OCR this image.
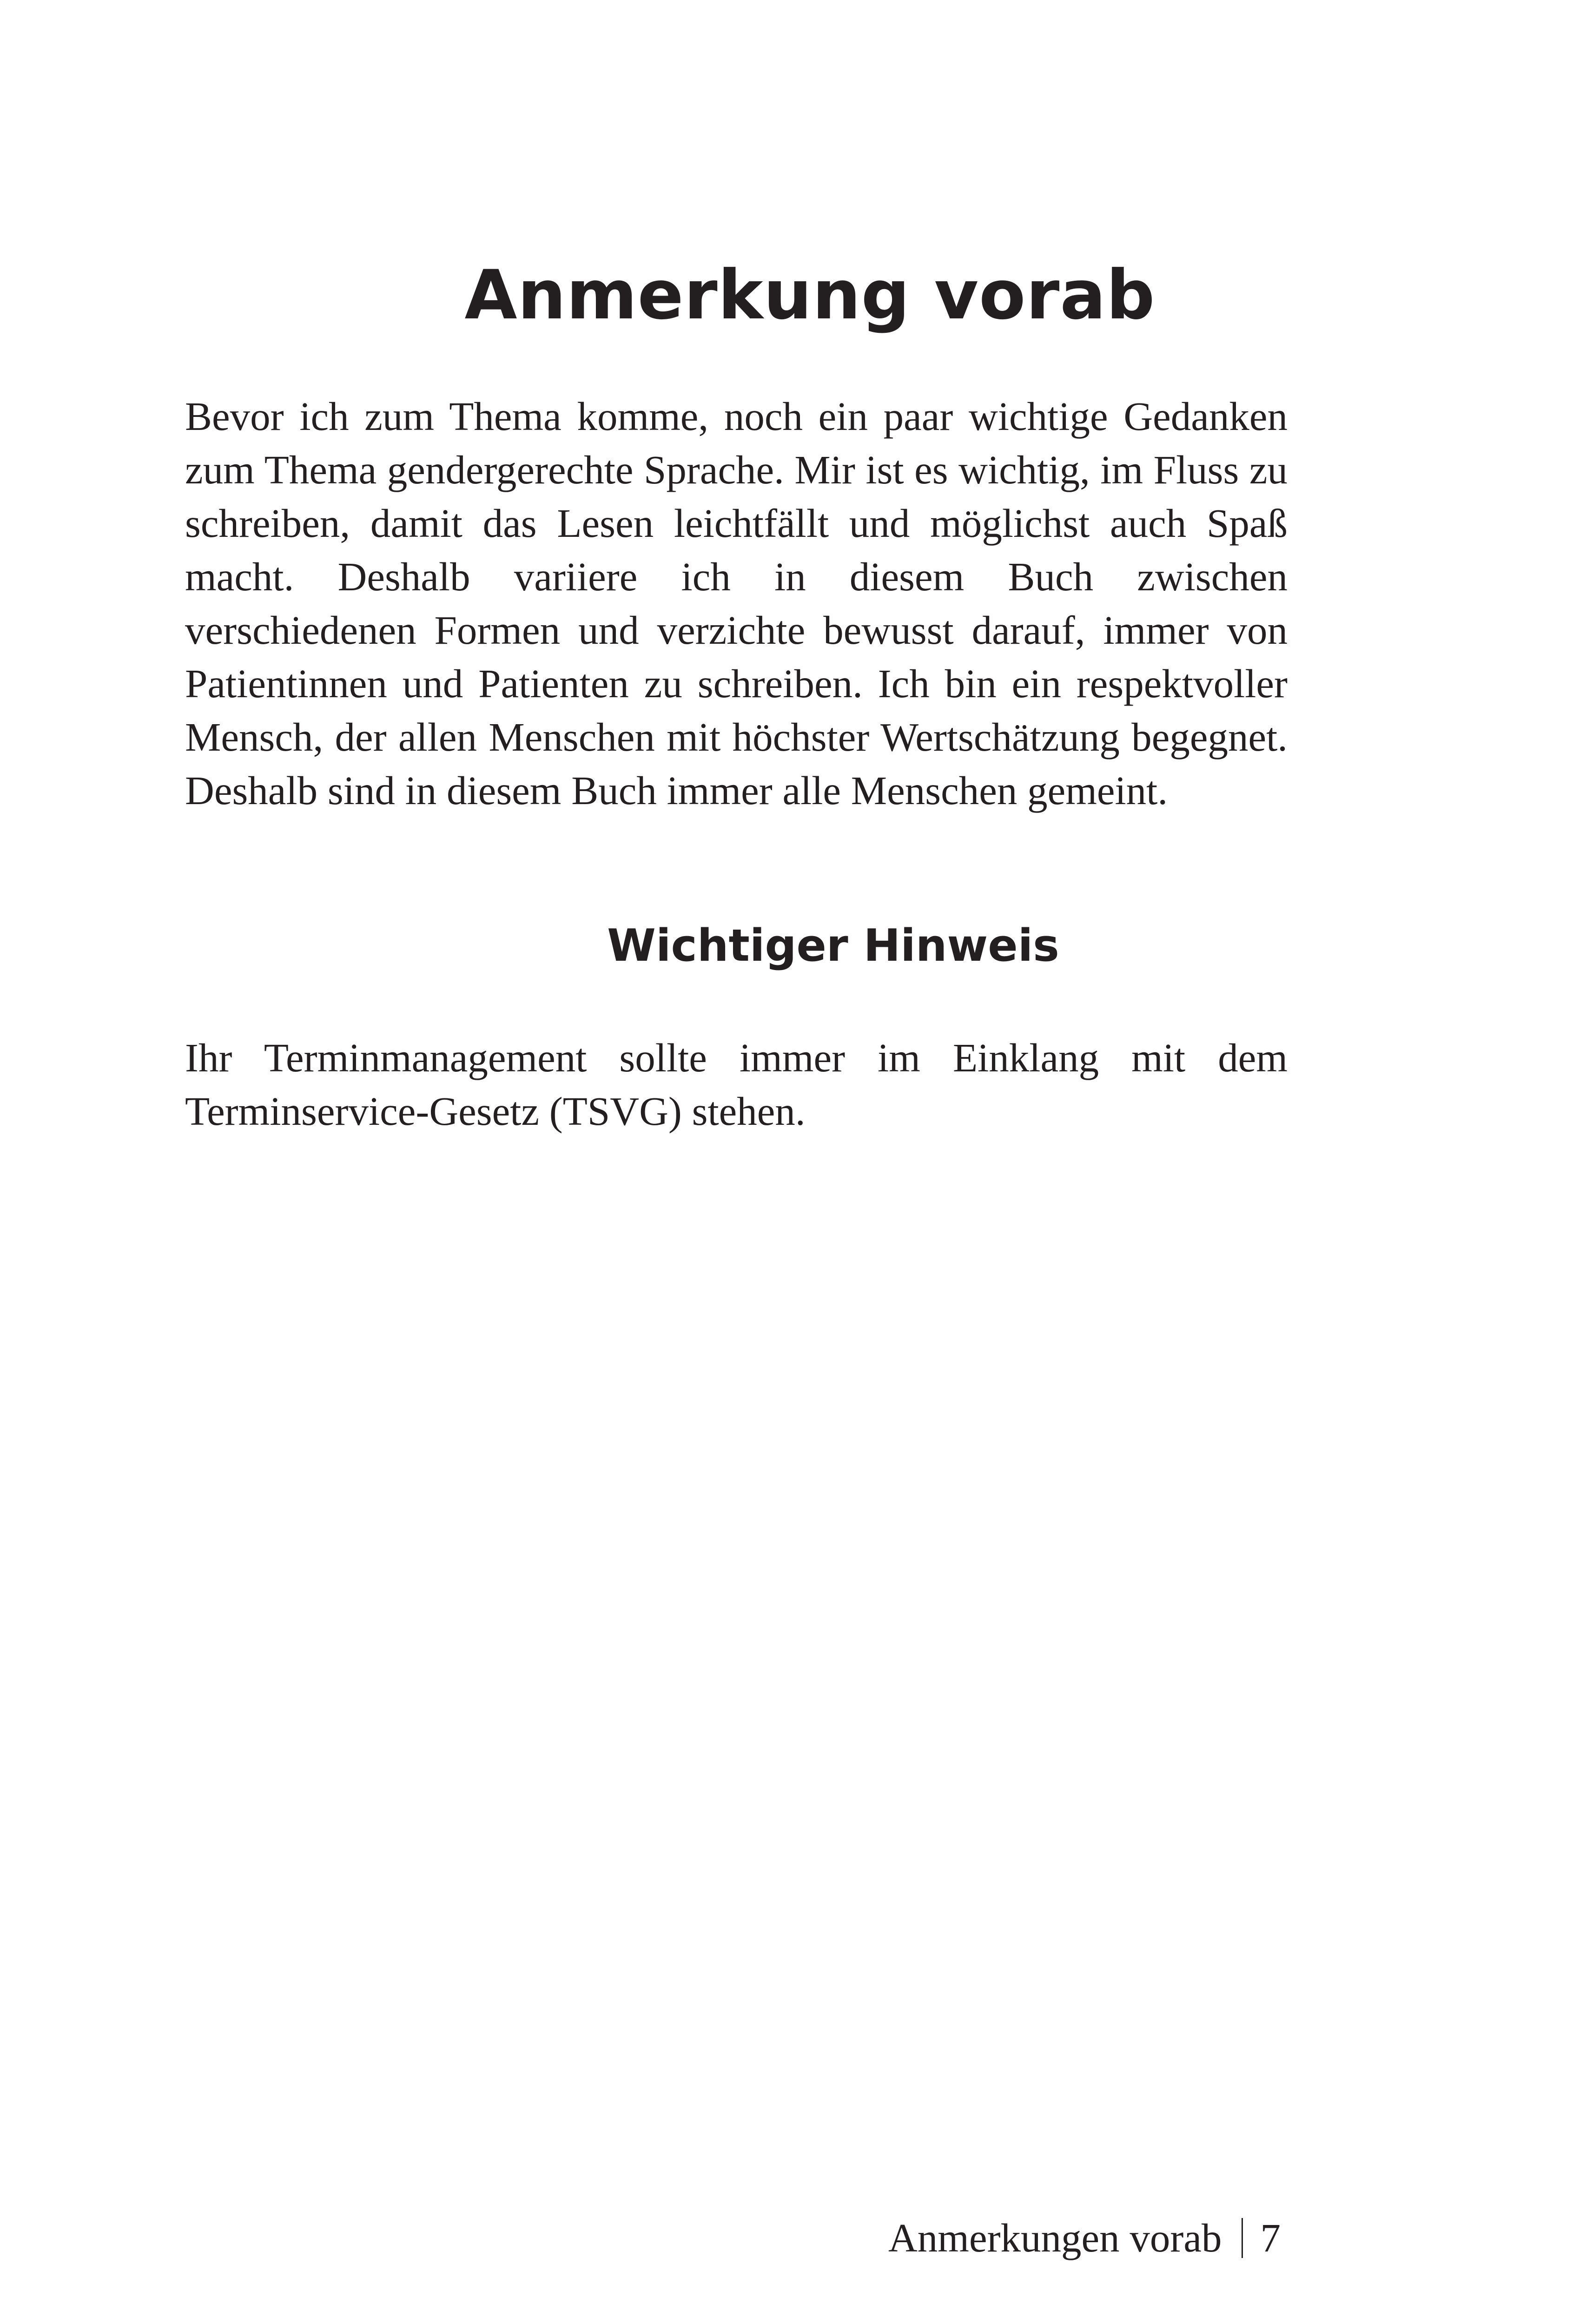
Anmerkung vorab

Bevor ich zum Thema komme, noch ein paar wichtige Gedanken zum Thema gendergerechte Sprache. Mir ist es wichtig, im Fluss zu schreiben, damit das Lesen leichtfällt und möglichst auch Spaß macht. Deshalb variiere ich in diesem Buch zwischen verschiedenen Formen und verzichte bewusst darauf, immer von Patientinnen und Patienten zu schreiben. Ich bin ein respektvoller Mensch, der allen Menschen mit höchster Wertschätzung begegnet. Deshalb sind in diesem Buch immer alle Menschen gemeint.

Wichtiger Hinweis

Ihr Terminmanagement sollte immer im Einklang mit dem Terminservice-Gesetz (TSVG) stehen.

Anmerkungen vorab 7
